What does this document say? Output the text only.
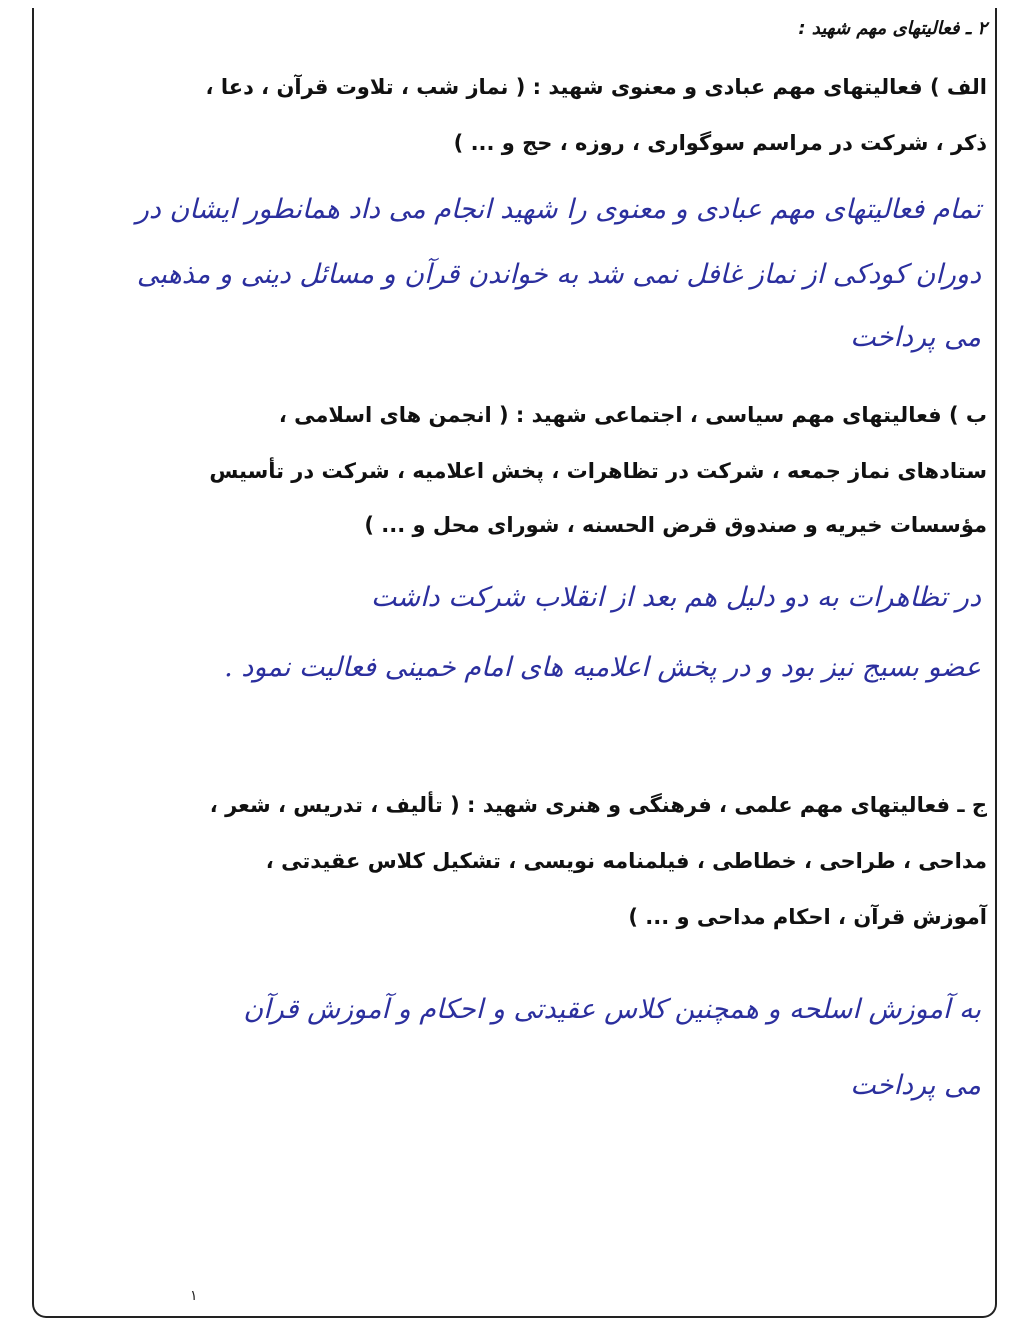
۲ ـ فعالیتهای مهم شهید :
الف ) فعالیتهای مهم عبادی و معنوی شهید : ( نماز شب ، تلاوت قرآن ، دعا ،
ذکر ، شرکت در مراسم سوگواری ، روزه ، حج و ... )
تمام فعالیتهای مهم عبادی و معنوی را شهید انجام می داد همانطور ایشان در
دوران کودکی از نماز غافل نمی شد به خواندن قرآن و مسائل دینی و مذهبی
می پرداخت
ب ) فعالیتهای مهم سیاسی ، اجتماعی شهید : ( انجمن های اسلامی ،
ستادهای نماز جمعه ، شرکت در تظاهرات ، پخش اعلامیه ، شرکت در تأسیس
مؤسسات خیریه و صندوق قرض الحسنه ، شورای محل و ... )
در تظاهرات به دو دلیل هم بعد از انقلاب شرکت داشت
عضو بسیج نیز بود و در پخش اعلامیه های امام خمینی فعالیت نمود .
ج ـ فعالیتهای مهم علمی ، فرهنگی و هنری شهید : ( تألیف ، تدریس ، شعر ،
مداحی ، طراحی ، خطاطی ، فیلمنامه نویسی ، تشکیل کلاس عقیدتی ،
آموزش قرآن ، احکام مداحی و ... )
به آموزش اسلحه و همچنین کلاس عقیدتی و احکام و آموزش قرآن
می پرداخت
۱
